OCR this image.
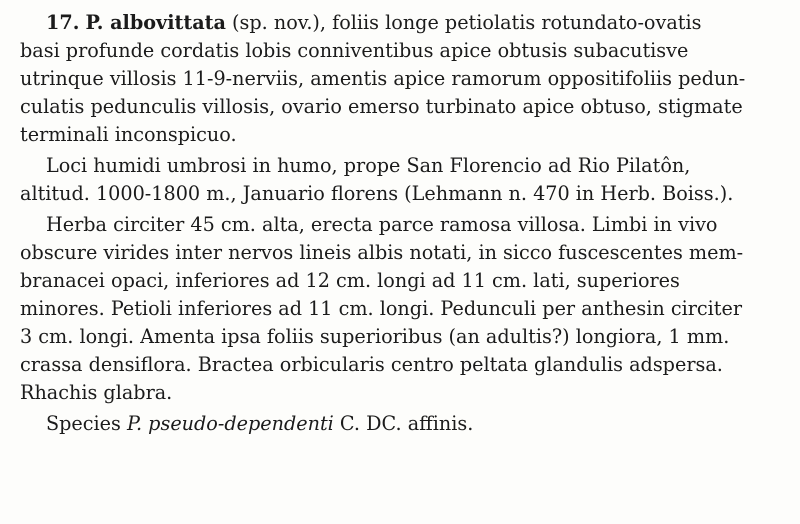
17. P. albovittata (sp. nov.), foliis longe petiolatis rotundato-ovatis
basi profunde cordatis lobis conniventibus apice obtusis subacutisve
utrinque villosis 11-9-nerviis, amentis apice ramorum oppositifoliis pedun-
culatis pedunculis villosis, ovario emerso turbinato apice obtuso, stigmate
terminali inconspicuo.
Loci humidi umbrosi in humo, prope San Florencio ad Rio Pilatôn,
altitud. 1000-1800 m., Januario florens (Lehmann n. 470 in Herb. Boiss.).
Herba circiter 45 cm. alta, erecta parce ramosa villosa. Limbi in vivo
obscure virides inter nervos lineis albis notati, in sicco fuscescentes mem-
branacei opaci, inferiores ad 12 cm. longi ad 11 cm. lati, superiores
minores. Petioli inferiores ad 11 cm. longi. Pedunculi per anthesin circiter
3 cm. longi. Amenta ipsa foliis superioribus (an adultis?) longiora, 1 mm.
crassa densiflora. Bractea orbicularis centro peltata glandulis adspersa.
Rhachis glabra.
Species P. pseudo-dependenti C. DC. affinis.
